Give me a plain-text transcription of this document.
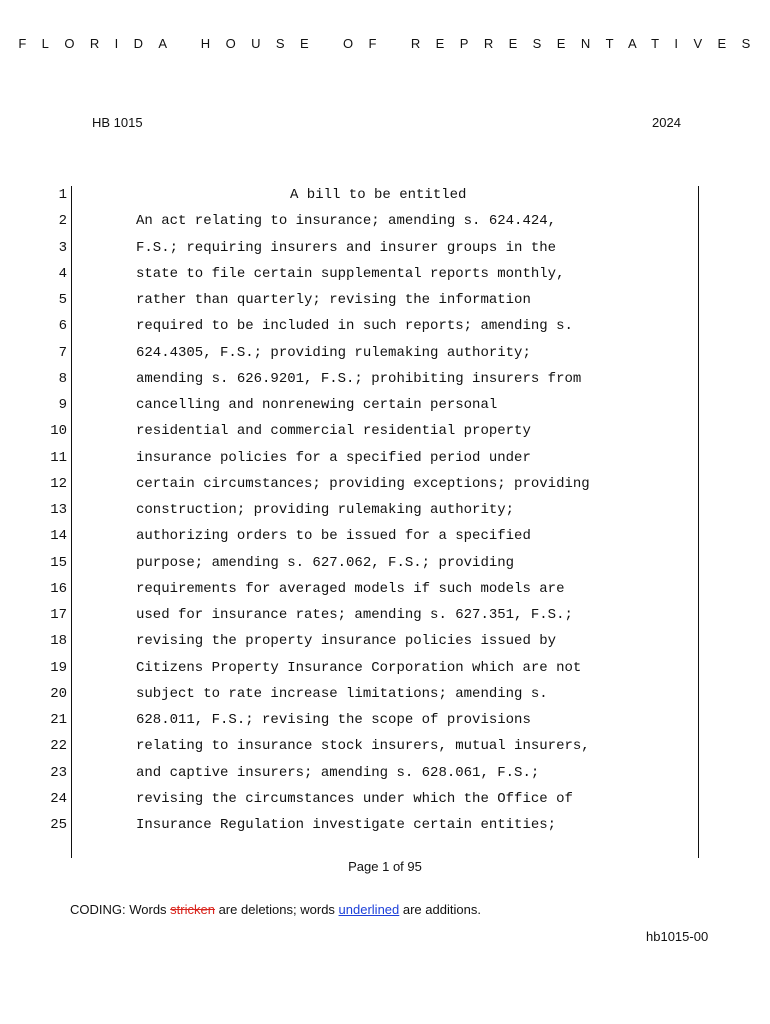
FLORIDA HOUSE OF REPRESENTATIVES
HB 1015	2024
1	A bill to be entitled
2	An act relating to insurance; amending s. 624.424,
3	F.S.; requiring insurers and insurer groups in the
4	state to file certain supplemental reports monthly,
5	rather than quarterly; revising the information
6	required to be included in such reports; amending s.
7	624.4305, F.S.; providing rulemaking authority;
8	amending s. 626.9201, F.S.; prohibiting insurers from
9	cancelling and nonrenewing certain personal
10	residential and commercial residential property
11	insurance policies for a specified period under
12	certain circumstances; providing exceptions; providing
13	construction; providing rulemaking authority;
14	authorizing orders to be issued for a specified
15	purpose; amending s. 627.062, F.S.; providing
16	requirements for averaged models if such models are
17	used for insurance rates; amending s. 627.351, F.S.;
18	revising the property insurance policies issued by
19	Citizens Property Insurance Corporation which are not
20	subject to rate increase limitations; amending s.
21	628.011, F.S.; revising the scope of provisions
22	relating to insurance stock insurers, mutual insurers,
23	and captive insurers; amending s. 628.061, F.S.;
24	revising the circumstances under which the Office of
25	Insurance Regulation investigate certain entities;
Page 1 of 95
CODING: Words stricken are deletions; words underlined are additions.
hb1015-00
